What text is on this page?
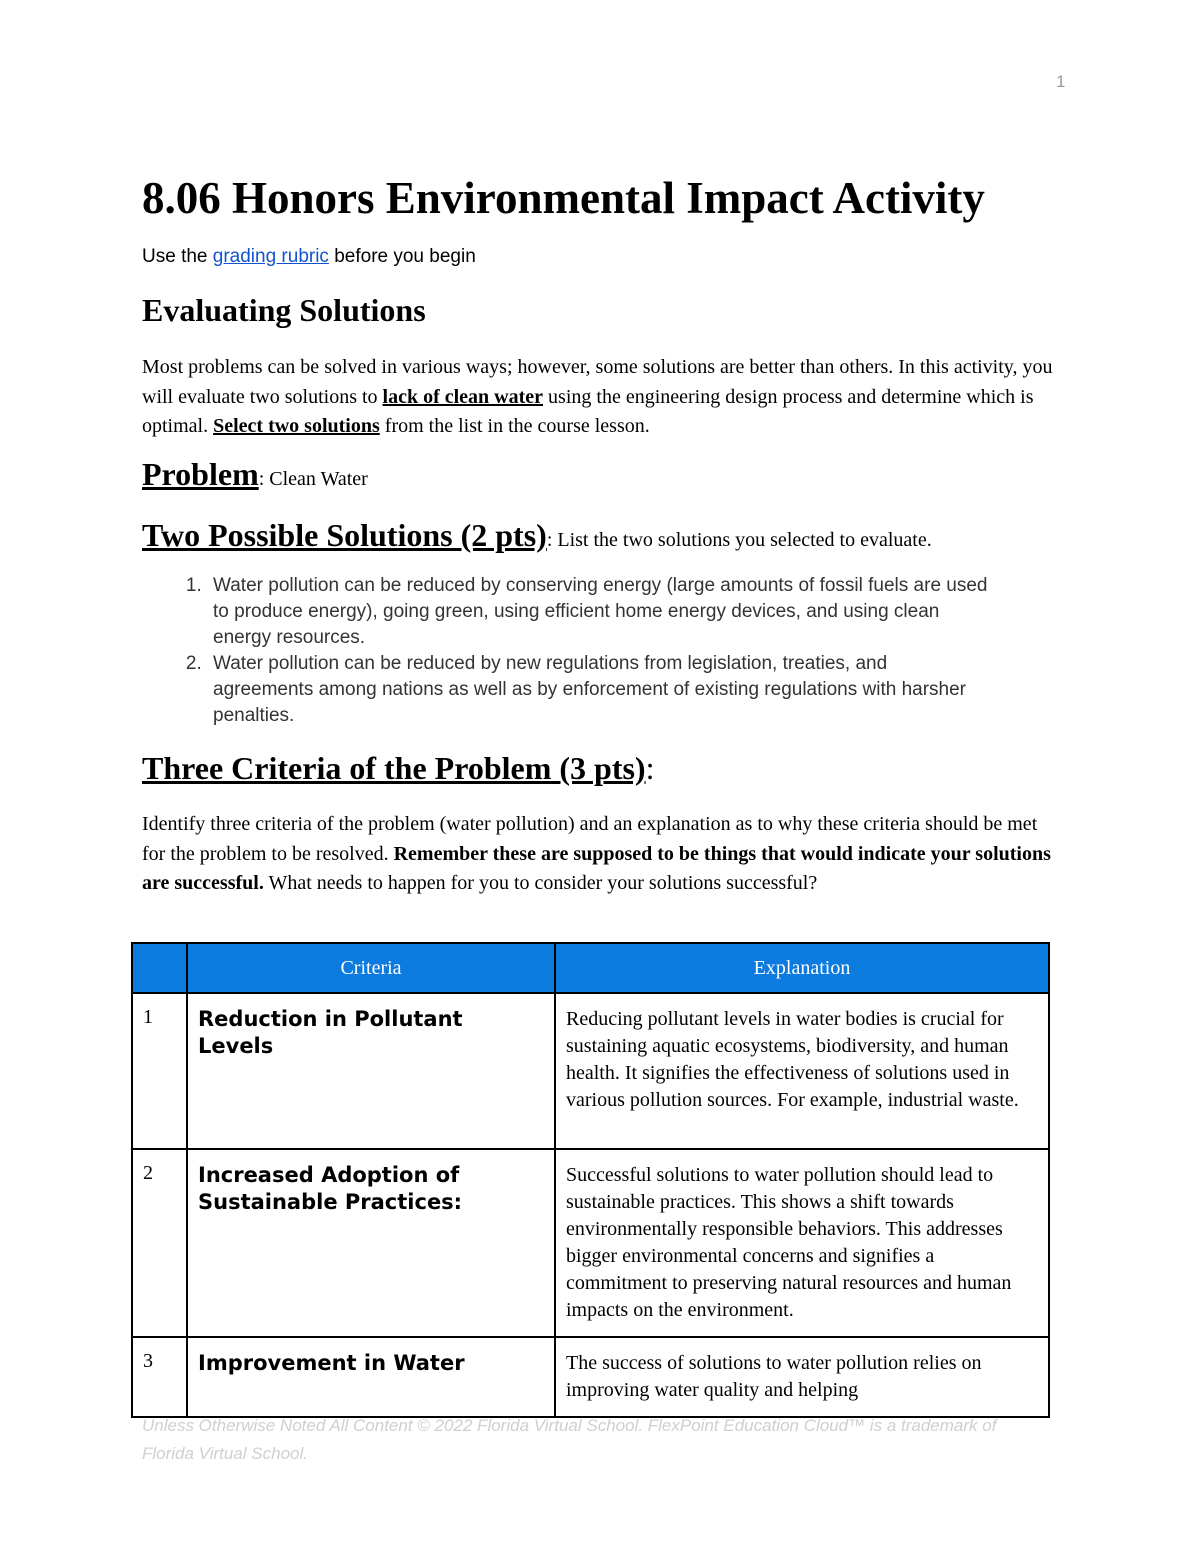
1
8.06 Honors Environmental Impact Activity
Use the grading rubric before you begin
Evaluating Solutions

Most problems can be solved in various ways; however, some solutions are better than others. In this activity, you will evaluate two solutions to lack of clean water using the engineering design process and determine which is optimal. Select two solutions from the list in the course lesson.

Problem: Clean Water
Two Possible Solutions (2 pts): List the two solutions you selected to evaluate.
1. Water pollution can be reduced by conserving energy (large amounts of fossil fuels are used to produce energy), going green, using efficient home energy devices, and using clean energy resources.
2. Water pollution can be reduced by new regulations from legislation, treaties, and agreements among nations as well as by enforcement of existing regulations with harsher penalties.
Three Criteria of the Problem (3 pts):

Identify three criteria of the problem (water pollution) and an explanation as to why these criteria should be met for the problem to be resolved. Remember these are supposed to be things that would indicate your solutions are successful. What needs to happen for you to consider your solutions successful?

	Criteria	Explanation
1	Reduction in Pollutant Levels	Reducing pollutant levels in water bodies is crucial for sustaining aquatic ecosystems, biodiversity, and human health. It signifies the effectiveness of solutions used in various pollution sources. For example, industrial waste.
2	Increased Adoption of Sustainable Practices:	Successful solutions to water pollution should lead to sustainable practices. This shows a shift towards environmentally responsible behaviors. This addresses bigger environmental concerns and signifies a commitment to preserving natural resources and human impacts on the environment.
3	Improvement in Water	The success of solutions to water pollution relies on improving water quality and helping
Unless Otherwise Noted All Content © 2022 Florida Virtual School. FlexPoint Education Cloud™ is a trademark of Florida Virtual School.
